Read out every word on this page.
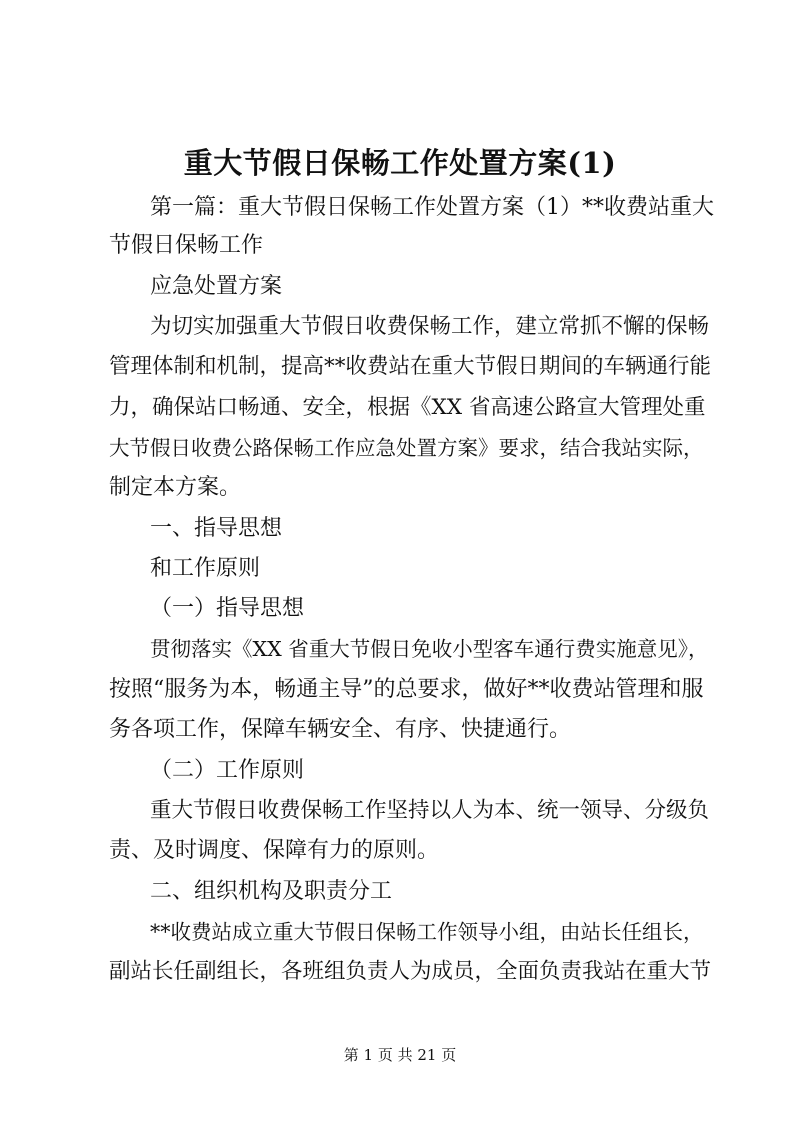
重大节假日保畅工作处置方案(1)
第一篇：重大节假日保畅工作处置方案（1）**收费站重大
节假日保畅工作
应急处置方案
为切实加强重大节假日收费保畅工作，建立常抓不懈的保畅
管理体制和机制，提高**收费站在重大节假日期间的车辆通行能
力，确保站口畅通、安全，根据《XX 省高速公路宣大管理处重
大节假日收费公路保畅工作应急处置方案》要求，结合我站实际，
制定本方案。
一、指导思想
和工作原则
（一）指导思想
贯彻落实《XX 省重大节假日免收小型客车通行费实施意见》，
按照“服务为本，畅通主导”的总要求，做好**收费站管理和服
务各项工作，保障车辆安全、有序、快捷通行。
（二）工作原则
重大节假日收费保畅工作坚持以人为本、统一领导、分级负
责、及时调度、保障有力的原则。
二、组织机构及职责分工
**收费站成立重大节假日保畅工作领导小组，由站长任组长，
副站长任副组长，各班组负责人为成员，全面负责我站在重大节
第 1 页 共 21 页
